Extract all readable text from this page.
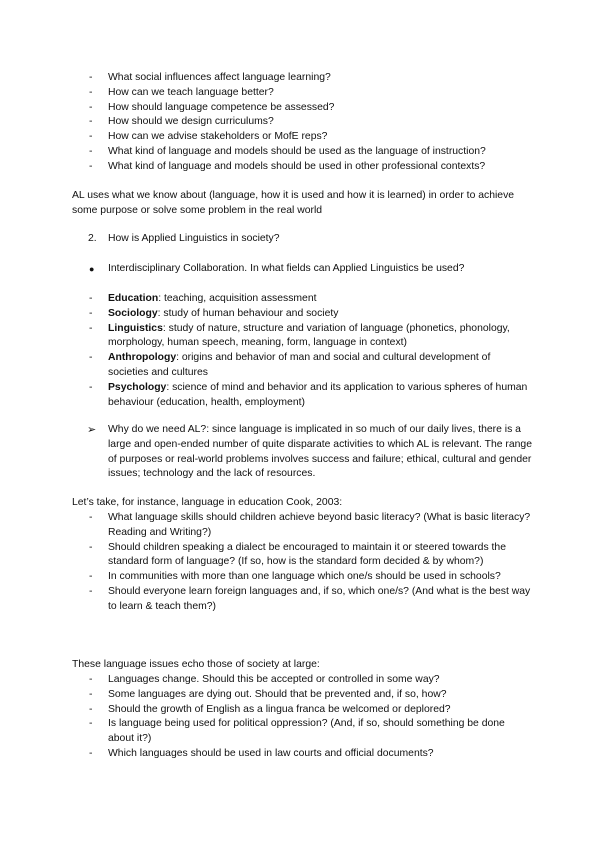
-	What social influences affect language learning?
-	How can we teach language better?
-	How should language competence be assessed?
-	How should we design curriculums?
-	How can we advise stakeholders or MofE reps?
-	What kind of language and models should be used as the language of instruction?
-	What kind of language and models should be used in other professional contexts?

AL uses what we know about (language, how it is used and how it is learned) in order to achieve some purpose or solve some problem in the real world

2.	How is Applied Linguistics in society?
●	Interdisciplinary Collaboration. In what fields can Applied Linguistics be used?
-	Education: teaching, acquisition assessment
-	Sociology: study of human behaviour and society
-	Linguistics: study of nature, structure and variation of language (phonetics, phonology, morphology, human speech, meaning, form, language in context)
-	Anthropology: origins and behavior of man and social and cultural development of societies and cultures
-	Psychology: science of mind and behavior and its application to various spheres of human behaviour (education, health, employment)
➢	Why do we need AL?: since language is implicated in so much of our daily lives, there is a large and open-ended number of quite disparate activities to which AL is relevant. The range of purposes or real-world problems involves success and failure; ethical, cultural and gender issues; technology and the lack of resources.

Let’s take, for instance, language in education Cook, 2003:

-	What language skills should children achieve beyond basic literacy? (What is basic literacy? Reading and Writing?)
-	Should children speaking a dialect be encouraged to maintain it or steered towards the standard form of language? (If so, how is the standard form decided & by whom?)
-	In communities with more than one language which one/s should be used in schools?
-	Should everyone learn foreign languages and, if so, which one/s? (And what is the best way to learn & teach them?)

These language issues echo those of society at large:

-	Languages change. Should this be accepted or controlled in some way?
-	Some languages are dying out. Should that be prevented and, if so, how?
-	Should the growth of English as a lingua franca be welcomed or deplored?
-	Is language being used for political oppression? (And, if so, should something be done about it?)
-	Which languages should be used in law courts and official documents?
